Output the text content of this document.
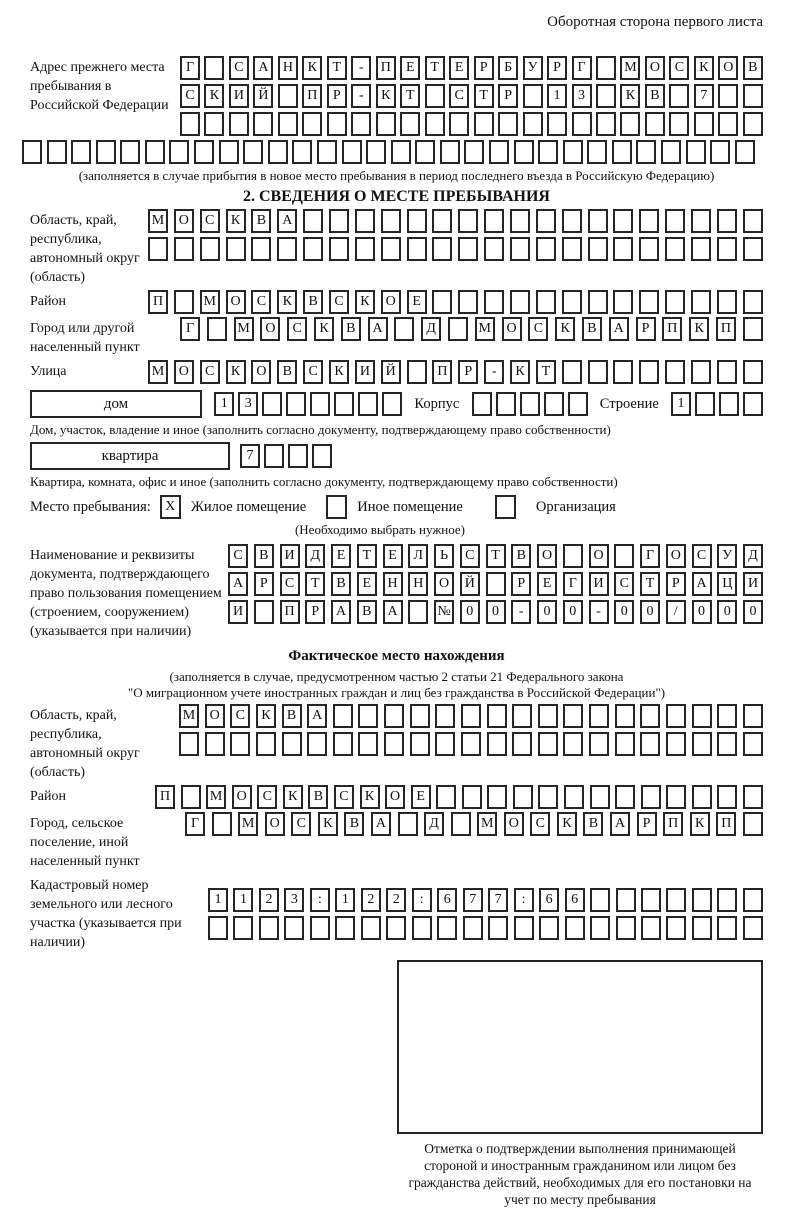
Оборотная сторона первого листа
Адрес прежнего места пребывания в Российской Федерации
Г	С	А	Н	К	Т	-	П	Е	Т	Е	Р	Б	У	Р	Г	М О	С	К	О	В
С	К	И	Й	П	Р	-	К	Т	С	Т	Р	1	3	К	В	7
(заполняется в случае прибытия в новое место пребывания в период последнего въезда в Российскую Федерацию)
2. СВЕДЕНИЯ О МЕСТЕ ПРЕБЫВАНИЯ
Область, край, республика, автономный округ (область)
М	О	С	К	В	А
Район	П	М	О	С	К	В	С	К	О	Е
Город или другой населенный пункт
Г	М	О	С	К	В	А	Д	М	О	С	К	В	А	Р	П	К	П
Улица	М	О	С	К	О	В	С	К	И	Й	П	Р	-	К	Т
дом	1	3	Корпус	Строение	1
Дом, участок, владение и иное (заполнить согласно документу, подтверждающему право собственности)
квартира	7
Квартира, комната, офис и иное (заполнить согласно документу, подтверждающему право собственности)
Место пребывания:	X	Жилое помещение	Иное помещение	Организация
(Необходимо выбрать нужное)
Наименование и реквизиты документа, подтверждающего право пользования помещением (строением, сооружением) (указывается при наличии)
С	В	И	Д	Е	Т	Е	Л	Ь	С	Т	В	О	О	Г	О	С	У	Д
А	Р	С	Т	В	Е	Н	Н	О	Й	Р	Е	Г	И	С	Т	Р	А	Ц	И
И	П	Р	А	В	А	№	0	0	-	0	0	-	0	0	/	0	0	0
Фактическое место нахождения
(заполняется в случае, предусмотренном частью 2 статьи 21 Федерального закона
"О миграционном учете иностранных граждан и лиц без гражданства в Российской Федерации")
Область, край, республика, автономный округ (область)
М	О	С	К	В	А
Район	П	М	О	С	К	В	С	К	О	Е
Город, сельское поселение, иной населенный пункт
Г	М	О	С	К	В	А	Д	М	О	С	К	В	А	Р	П	К	П
Кадастровый номер земельного или лесного участка (указывается при наличии)
1	1	2	3	:	1	2	2	:	6	7	7	:	6	6
Отметка о подтверждении выполнения принимающей стороной и иностранным гражданином или лицом без гражданства действий, необходимых для его постановки на учет по месту пребывания
